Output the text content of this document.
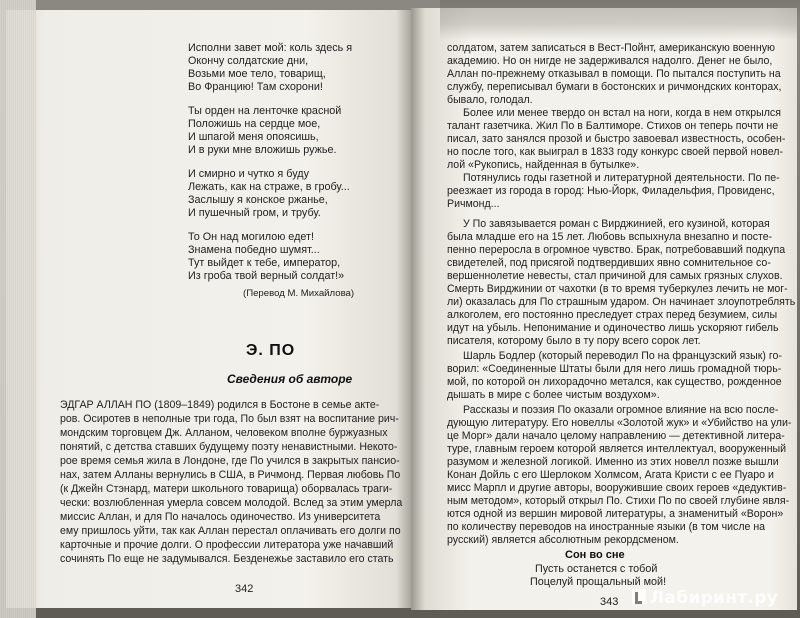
Исполни завет мой: коль здесь я
Окончу солдатские дни,
Возьми мое тело, товарищ,
Во Францию! Там схорони!
Ты орден на ленточке красной
Положишь на сердце мое,
И шпагой меня опоясишь,
И в руки мне вложишь ружье.
И смирно и чутко я буду
Лежать, как на страже, в гробу...
Заслышу я конское ржанье,
И пушечный гром, и трубу.
То Он над могилою едет!
Знамена победно шумят...
Тут выйдет к тебе, император,
Из гроба твой верный солдат!»
(Перевод М. Михайлова)
Э. ПО
Сведения об авторе
ЭДГАР АЛЛАН ПО (1809–1849) родился в Бостоне в семье акте-
ров. Осиротев в неполные три года, По был взят на воспитание рич-
мондским торговцем Дж. Алланом, человеком вполне буржуазных
понятий, с детства ставших будущему поэту ненавистными. Некото-
рое время семья жила в Лондоне, где По учился в закрытых пансио-
нах, затем Алланы вернулись в США, в Ричмонд. Первая любовь По
(к Джейн Стэнард, матери школьного товарища) оборвалась траги-
чески: возлюбленная умерла совсем молодой. Вслед за этим умерла
миссис Аллан, и для По началось одиночество. Из университета
ему пришлось уйти, так как Аллан перестал оплачивать его долги по
карточные и прочие долги. О профессии литератора уже начавший
сочинять По еще не задумывался. Безденежье заставило его стать
342
солдатом, затем записаться в Вест-Пойнт, американскую военную
академию. Но он нигде не задерживался надолго. Денег не было,
Аллан по-прежнему отказывал в помощи. По пытался поступить на
службу, переписывал бумаги в бостонских и ричмондских конторах,
бывало, голодал.
Более или менее твердо он встал на ноги, когда в нем открылся
талант газетчика. Жил По в Балтиморе. Стихов он теперь почти не
писал, зато занялся прозой и быстро завоевал известность, особен-
но после того, как выиграл в 1833 году конкурс своей первой новел-
лой «Рукопись, найденная в бутылке».
Потянулись годы газетной и литературной деятельности. По пе-
реезжает из города в город: Нью-Йорк, Филадельфия, Провиденс,
Ричмонд...
У По завязывается роман с Вирджинией, его кузиной, которая
была младше его на 15 лет. Любовь вспыхнула внезапно и посте-
пенно переросла в огромное чувство. Брак, потребовавший подкупа
свидетелей, под присягой подтвердивших явно сомнительное со-
вершеннолетие невесты, стал причиной для самых грязных слухов.
Смерть Вирджинии от чахотки (в то время туберкулез лечить не мог-
ли) оказалась для По страшным ударом. Он начинает злоупотреблять
алкоголем, его постоянно преследует страх перед безумием, силы
идут на убыль. Непонимание и одиночество лишь ускоряют гибель
писателя, которому было в ту пору всего сорок лет.
Шарль Бодлер (который переводил По на французский язык) го-
ворил: «Соединенные Штаты были для него лишь громадной тюрь-
мой, по которой он лихорадочно метался, как существо, рожденное
дышать в мире с более чистым воздухом».
Рассказы и поэзия По оказали огромное влияние на всю после-
дующую литературу. Его новеллы «Золотой жук» и «Убийство на ули-
це Морг» дали начало целому направлению — детективной литера-
туре, главным героем которой является интеллектуал, вооруженный
разумом и железной логикой. Именно из этих новелл позже вышли
Конан Дойль с его Шерлоком Холмсом, Агата Кристи с ее Пуаро и
мисс Марпл и другие авторы, вооружившие своих героев «дедуктив-
ным методом», который открыл По. Стихи По по своей глубине явля-
ются одной из вершин мировой литературы, а знаменитый «Ворон»
по количеству переводов на иностранные языки (в том числе на
русский) является абсолютным рекордсменом.
Сон во сне
Пусть останется с тобой
Поцелуй прощальный мой!
343 Лабиринт.ру
